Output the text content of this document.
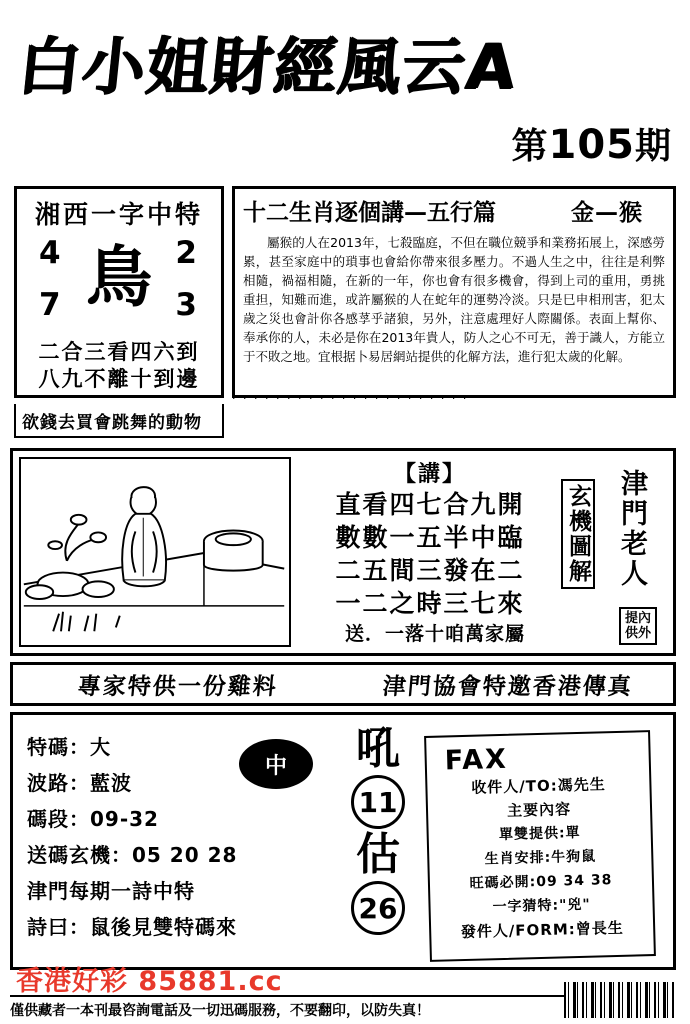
白小姐財經風云A
第105期
湘西一字中特
4	2
7	3
鳥
二合三看四六到
八九不離十到邊
十二生肖逐個講—五行篇	金—猴
屬猴的人在2013年，七殺臨庭，不但在職位競爭和業務拓展上，深感勞累，甚至家庭中的瑣事也會給你帶來很多壓力。不過人生之中，往往是利弊相隨，禍福相隨，在新的一年，你也會有很多機會，得到上司的重用，勇挑重担，知難而進，或許屬猴的人在蛇年的運勢冷淡。只是巳申相刑害，犯太歲之災也會計你各感莩乎諸狼，另外，注意處理好人際關係。表面上幫你、奉承你的人，未必是你在2013年貴人，防人之心不可无，善于識人，方能立于不敗之地。宜根据卜易居網站提供的化解方法，進行犯太歲的化解。
欲錢去買會跳舞的動物
· · · · · · · · · · · · · · · · · · · · · ·
【講】
直看四七合九開
數數一五半中臨
二五間三發在二
一二之時三七來
送．一落十咱萬家屬
玄機圖解 津門老人
提內供外
專家特供一份雞料	津門協會特邀香港傳真
特碼：大
波路：藍波
碼段：09-32
送碼玄機：05 20 28
津門每期一詩中特
詩曰：鼠後見雙特碼來
中	吼
11
估
26
FAX
收件人/TO:馮先生
主要內容
單雙提供:單
生肖安排:牛狗鼠
旺碼必開:09 34 38
一字猜特:"兇"
發件人/FORM:曾長生
香港好彩 85881.cc
僅供藏者一本刊最咨詢電話及一切迅碼服務，不要翻印，以防失真！
